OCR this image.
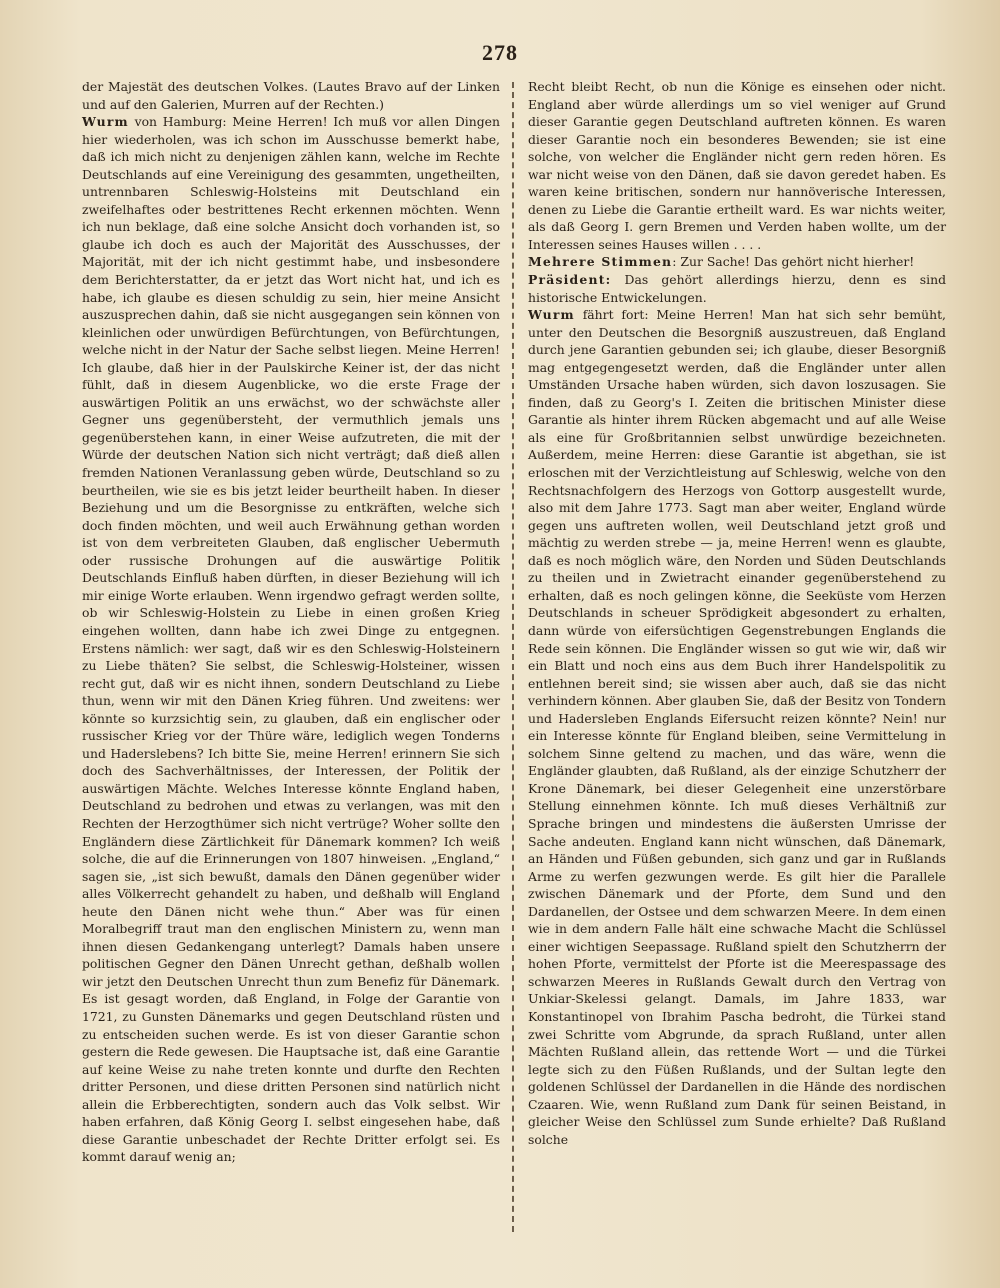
278

der Majestät des deutschen Volkes. (Lautes Bravo auf der Linken und auf den Galerien, Murren auf der Rechten.)

Wurm von Hamburg: Meine Herren! Ich muß vor allen Dingen hier wiederholen, was ich schon im Ausschusse bemerkt habe, daß ich mich nicht zu denjenigen zählen kann, welche im Rechte Deutschlands auf eine Vereinigung des gesammten, ungetheilten, untrennbaren Schleswig-Holsteins mit Deutschland ein zweifelhaftes oder bestrittenes Recht erkennen möchten. Wenn ich nun beklage, daß eine solche Ansicht doch vorhanden ist, so glaube ich doch es auch der Majorität des Ausschusses, der Majorität, mit der ich nicht gestimmt habe, und insbesondere dem Berichterstatter, da er jetzt das Wort nicht hat, und ich es habe, ich glaube es diesen schuldig zu sein, hier meine Ansicht auszusprechen dahin, daß sie nicht ausgegangen sein können von kleinlichen oder unwürdigen Befürchtungen, von Befürchtungen, welche nicht in der Natur der Sache selbst liegen. Meine Herren! Ich glaube, daß hier in der Paulskirche Keiner ist, der das nicht fühlt, daß in diesem Augenblicke, wo die erste Frage der auswärtigen Politik an uns erwächst, wo der schwächste aller Gegner uns gegenübersteht, der vermuthlich jemals uns gegenüberstehen kann, in einer Weise aufzutreten, die mit der Würde der deutschen Nation sich nicht verträgt; daß dieß allen fremden Nationen Veranlassung geben würde, Deutschland so zu beurtheilen, wie sie es bis jetzt leider beurtheilt haben. In dieser Beziehung und um die Besorgnisse zu entkräften, welche sich doch finden möchten, und weil auch Erwähnung gethan worden ist von dem verbreiteten Glauben, daß englischer Uebermuth oder russische Drohungen auf die auswärtige Politik Deutschlands Einfluß haben dürften, in dieser Beziehung will ich mir einige Worte erlauben. Wenn irgendwo gefragt werden sollte, ob wir Schleswig-Holstein zu Liebe in einen großen Krieg eingehen wollten, dann habe ich zwei Dinge zu entgegnen. Erstens nämlich: wer sagt, daß wir es den Schleswig-Holsteinern zu Liebe thäten? Sie selbst, die Schleswig-Holsteiner, wissen recht gut, daß wir es nicht ihnen, sondern Deutschland zu Liebe thun, wenn wir mit den Dänen Krieg führen. Und zweitens: wer könnte so kurzsichtig sein, zu glauben, daß ein englischer oder russischer Krieg vor der Thüre wäre, lediglich wegen Tonderns und Haderslebens? Ich bitte Sie, meine Herren! erinnern Sie sich doch des Sachverhältnisses, der Interessen, der Politik der auswärtigen Mächte. Welches Interesse könnte England haben, Deutschland zu bedrohen und etwas zu verlangen, was mit den Rechten der Herzogthümer sich nicht vertrüge? Woher sollte den Engländern diese Zärtlichkeit für Dänemark kommen? Ich weiß solche, die auf die Erinnerungen von 1807 hinweisen. „England,“ sagen sie, „ist sich bewußt, damals den Dänen gegenüber wider alles Völkerrecht gehandelt zu haben, und deßhalb will England heute den Dänen nicht wehe thun.“ Aber was für einen Moralbegriff traut man den englischen Ministern zu, wenn man ihnen diesen Gedankengang unterlegt? Damals haben unsere politischen Gegner den Dänen Unrecht gethan, deßhalb wollen wir jetzt den Deutschen Unrecht thun zum Benefiz für Dänemark. Es ist gesagt worden, daß England, in Folge der Garantie von 1721, zu Gunsten Dänemarks und gegen Deutschland rüsten und zu entscheiden suchen werde. Es ist von dieser Garantie schon gestern die Rede gewesen. Die Hauptsache ist, daß eine Garantie auf keine Weise zu nahe treten konnte und durfte den Rechten dritter Personen, und diese dritten Personen sind natürlich nicht allein die Erbberechtigten, sondern auch das Volk selbst. Wir haben erfahren, daß König Georg I. selbst eingesehen habe, daß diese Garantie unbeschadet der Rechte Dritter erfolgt sei. Es kommt darauf wenig an;

Recht bleibt Recht, ob nun die Könige es einsehen oder nicht. England aber würde allerdings um so viel weniger auf Grund dieser Garantie gegen Deutschland auftreten können. Es waren dieser Garantie noch ein besonderes Bewenden; sie ist eine solche, von welcher die Engländer nicht gern reden hören. Es war nicht weise von den Dänen, daß sie davon geredet haben. Es waren keine britischen, sondern nur hannöverische Interessen, denen zu Liebe die Garantie ertheilt ward. Es war nichts weiter, als daß Georg I. gern Bremen und Verden haben wollte, um der Interessen seines Hauses willen . . . .

Mehrere Stimmen: Zur Sache! Das gehört nicht hierher!

Präsident: Das gehört allerdings hierzu, denn es sind historische Entwickelungen.

Wurm fährt fort: Meine Herren! Man hat sich sehr bemüht, unter den Deutschen die Besorgniß auszustreuen, daß England durch jene Garantien gebunden sei; ich glaube, dieser Besorgniß mag entgegengesetzt werden, daß die Engländer unter allen Umständen Ursache haben würden, sich davon loszusagen. Sie finden, daß zu Georg's I. Zeiten die britischen Minister diese Garantie als hinter ihrem Rücken abgemacht und auf alle Weise als eine für Großbritannien selbst unwürdige bezeichneten. Außerdem, meine Herren: diese Garantie ist abgethan, sie ist erloschen mit der Verzichtleistung auf Schleswig, welche von den Rechtsnachfolgern des Herzogs von Gottorp ausgestellt wurde, also mit dem Jahre 1773. Sagt man aber weiter, England würde gegen uns auftreten wollen, weil Deutschland jetzt groß und mächtig zu werden strebe — ja, meine Herren! wenn es glaubte, daß es noch möglich wäre, den Norden und Süden Deutschlands zu theilen und in Zwietracht einander gegenüberstehend zu erhalten, daß es noch gelingen könne, die Seeküste vom Herzen Deutschlands in scheuer Sprödigkeit abgesondert zu erhalten, dann würde von eifersüchtigen Gegenstrebungen Englands die Rede sein können. Die Engländer wissen so gut wie wir, daß wir ein Blatt und noch eins aus dem Buch ihrer Handelspolitik zu entlehnen bereit sind; sie wissen aber auch, daß sie das nicht verhindern können. Aber glauben Sie, daß der Besitz von Tondern und Hadersleben Englands Eifersucht reizen könnte? Nein! nur ein Interesse könnte für England bleiben, seine Vermittelung in solchem Sinne geltend zu machen, und das wäre, wenn die Engländer glaubten, daß Rußland, als der einzige Schutzherr der Krone Dänemark, bei dieser Gelegenheit eine unzerstörbare Stellung einnehmen könnte. Ich muß dieses Verhältniß zur Sprache bringen und mindestens die äußersten Umrisse der Sache andeuten. England kann nicht wünschen, daß Dänemark, an Händen und Füßen gebunden, sich ganz und gar in Rußlands Arme zu werfen gezwungen werde. Es gilt hier die Parallele zwischen Dänemark und der Pforte, dem Sund und den Dardanellen, der Ostsee und dem schwarzen Meere. In dem einen wie in dem andern Falle hält eine schwache Macht die Schlüssel einer wichtigen Seepassage. Rußland spielt den Schutzherrn der hohen Pforte, vermittelst der Pforte ist die Meerespassage des schwarzen Meeres in Rußlands Gewalt durch den Vertrag von Unkiar-Skelessi gelangt. Damals, im Jahre 1833, war Konstantinopel von Ibrahim Pascha bedroht, die Türkei stand zwei Schritte vom Abgrunde, da sprach Rußland, unter allen Mächten Rußland allein, das rettende Wort — und die Türkei legte sich zu den Füßen Rußlands, und der Sultan legte den goldenen Schlüssel der Dardanellen in die Hände des nordischen Czaaren. Wie, wenn Rußland zum Dank für seinen Beistand, in gleicher Weise den Schlüssel zum Sunde erhielte? Daß Rußland solche
